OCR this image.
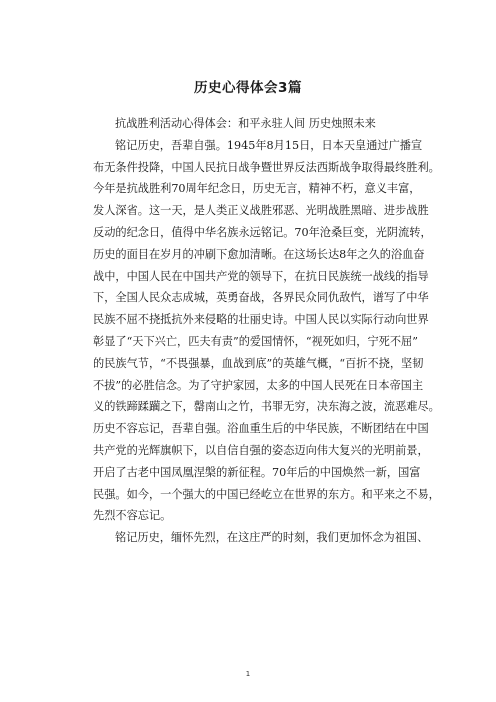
历史心得体会3篇
抗战胜利活动心得体会：和平永驻人间 历史烛照未来
铭记历史，吾辈自强。1945年8月15日，日本天皇通过广播宣
布无条件投降，中国人民抗日战争暨世界反法西斯战争取得最终胜利。
今年是抗战胜利70周年纪念日，历史无言，精神不朽，意义丰富，
发人深省。这一天，是人类正义战胜邪恶、光明战胜黑暗、进步战胜
反动的纪念日，值得中华名族永远铭记。70年沧桑巨变，光阴流转，
历史的面目在岁月的冲刷下愈加清晰。在这场长达8年之久的浴血奋
战中，中国人民在中国共产党的领导下，在抗日民族统一战线的指导
下，全国人民众志成城，英勇奋战，各界民众同仇敌忾，谱写了中华
民族不屈不挠抵抗外来侵略的壮丽史诗。中国人民以实际行动向世界
彰显了“天下兴亡，匹夫有责”的爱国情怀，“视死如归，宁死不屈”
的民族气节，“不畏强暴，血战到底”的英雄气概，“百折不挠，坚韧
不拔”的必胜信念。为了守护家园，太多的中国人民死在日本帝国主
义的铁蹄蹂躏之下，罄南山之竹，书罪无穷，决东海之波，流恶难尽。
历史不容忘记，吾辈自强。浴血重生后的中华民族，不断团结在中国
共产党的光辉旗帜下，以自信自强的姿态迈向伟大复兴的光明前景，
开启了古老中国凤凰涅槃的新征程。70年后的中国焕然一新，国富
民强。如今，一个强大的中国已经屹立在世界的东方。和平来之不易，
先烈不容忘记。
铭记历史，缅怀先烈，在这庄严的时刻，我们更加怀念为祖国、
1
